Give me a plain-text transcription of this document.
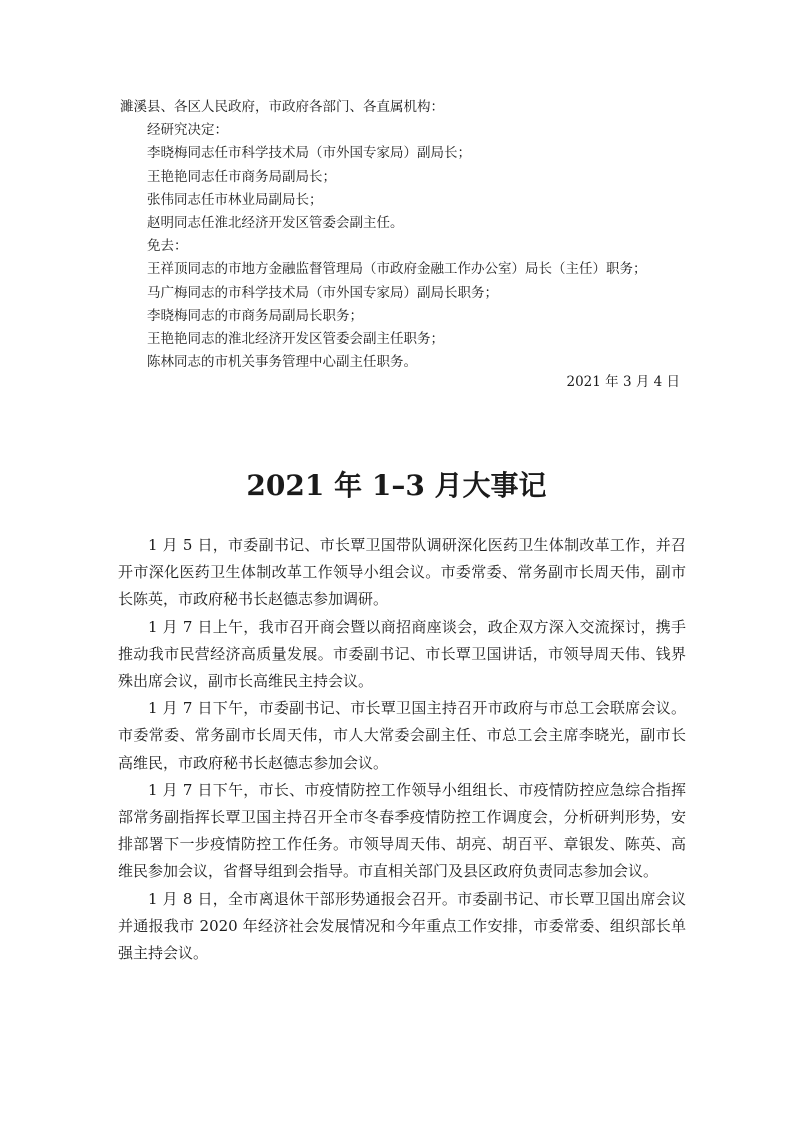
濉溪县、各区人民政府，市政府各部门、各直属机构：
经研究决定：
李晓梅同志任市科学技术局（市外国专家局）副局长；
王艳艳同志任市商务局副局长；
张伟同志任市林业局副局长；
赵明同志任淮北经济开发区管委会副主任。
免去：
王祥顶同志的市地方金融监督管理局（市政府金融工作办公室）局长（主任）职务；
马广梅同志的市科学技术局（市外国专家局）副局长职务；
李晓梅同志的市商务局副局长职务；
王艳艳同志的淮北经济开发区管委会副主任职务；
陈林同志的市机关事务管理中心副主任职务。
2021 年 3 月 4 日
2021 年 1–3 月大事记

1 月 5 日，市委副书记、市长覃卫国带队调研深化医药卫生体制改革工作，并召开市深化医药卫生体制改革工作领导小组会议。市委常委、常务副市长周天伟，副市长陈英，市政府秘书长赵德志参加调研。

1 月 7 日上午，我市召开商会暨以商招商座谈会，政企双方深入交流探讨，携手推动我市民营经济高质量发展。市委副书记、市长覃卫国讲话，市领导周天伟、钱界殊出席会议，副市长高维民主持会议。

1 月 7 日下午，市委副书记、市长覃卫国主持召开市政府与市总工会联席会议。市委常委、常务副市长周天伟，市人大常委会副主任、市总工会主席李晓光，副市长高维民，市政府秘书长赵德志参加会议。

1 月 7 日下午，市长、市疫情防控工作领导小组组长、市疫情防控应急综合指挥部常务副指挥长覃卫国主持召开全市冬春季疫情防控工作调度会，分析研判形势，安排部署下一步疫情防控工作任务。市领导周天伟、胡亮、胡百平、章银发、陈英、高维民参加会议，省督导组到会指导。市直相关部门及县区政府负责同志参加会议。

1 月 8 日，全市离退休干部形势通报会召开。市委副书记、市长覃卫国出席会议并通报我市 2020 年经济社会发展情况和今年重点工作安排，市委常委、组织部长单强主持会议。
